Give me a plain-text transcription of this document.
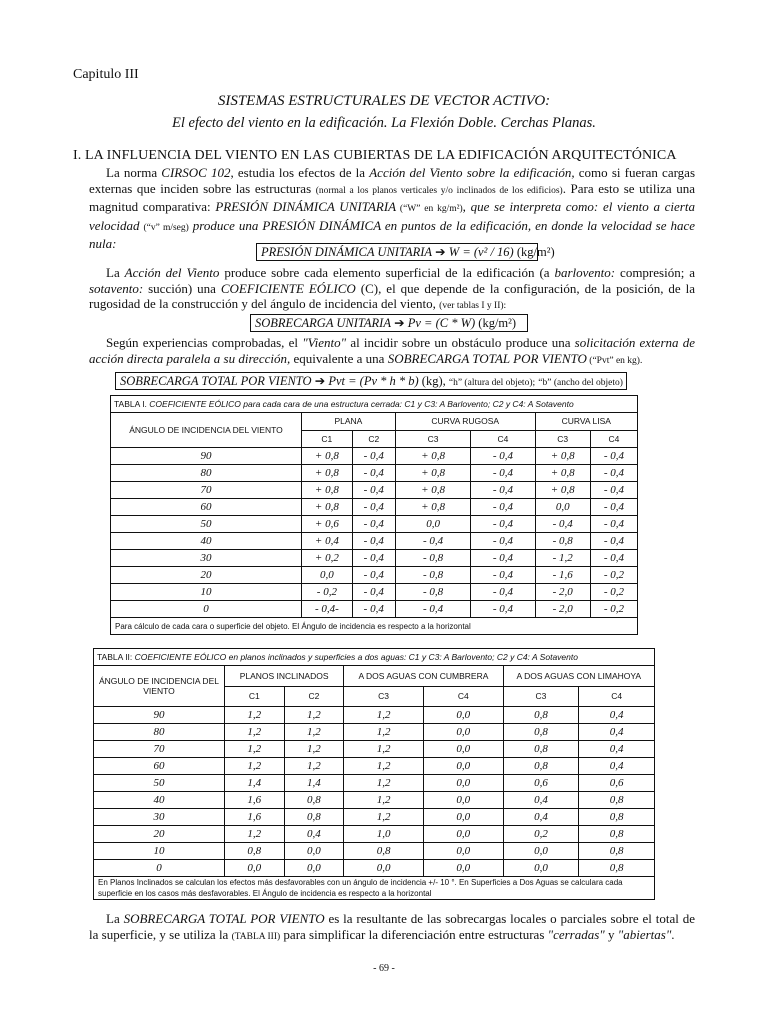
Capitulo III
SISTEMAS ESTRUCTURALES DE VECTOR ACTIVO:
El efecto del viento en la edificación. La Flexión Doble. Cerchas Planas.
I. LA INFLUENCIA DEL VIENTO EN LAS CUBIERTAS DE LA EDIFICACIÓN ARQUITECTÓNICA
La norma CIRSOC 102, estudia los efectos de la Acción del Viento sobre la edificación, como si fueran cargas externas que inciden sobre las estructuras (normal a los planos verticales y/o inclinados de los edificios). Para esto se utiliza una magnitud comparativa: PRESIÓN DINÁMICA UNITARIA (“W” en kg/m²), que se interpreta como: el viento a cierta velocidad (“v” m/seg) produce una PRESIÓN DINÁMICA en puntos de la edificación, en donde la velocidad se hace nula:
PRESIÓN DINÁMICA UNITARIA ➔ W = (v² / 16) (kg/m²)
La Acción del Viento produce sobre cada elemento superficial de la edificación (a barlovento: compresión; a sotavento: succión) una COEFICIENTE EÓLICO (C), el que depende de la configuración, de la posición, de la rugosidad de la construcción y del ángulo de incidencia del viento, (ver tablas I y II):
SOBRECARGA UNITARIA ➔ Pv = (C * W) (kg/m²)
Según experiencias comprobadas, el "Viento" al incidir sobre un obstáculo produce una solicitación externa de acción directa paralela a su dirección, equivalente a una SOBRECARGA TOTAL POR VIENTO (“Pvt” en kg).
SOBRECARGA TOTAL POR VIENTO ➔ Pvt = (Pv * h * b) (kg), “h” (altura del objeto); “b” (ancho del objeto)
TABLA I. COEFICIENTE EÓLICO para cada cara de una estructura cerrada: C1 y C3: A Barlovento; C2 y C4: A Sotavento						
ÁNGULO DE INCIDENCIA DEL VIENTO	PLANA		CURVA RUGOSA		CURVA LISA	
	C1	C2	C3	C4	C3	C4
90	+ 0,8	- 0,4	+ 0,8	- 0,4	+ 0,8	- 0,4
80	+ 0,8	- 0,4	+ 0,8	- 0,4	+ 0,8	- 0,4
70	+ 0,8	- 0,4	+ 0,8	- 0,4	+ 0,8	- 0,4
60	+ 0,8	- 0,4	+ 0,8	- 0,4	0,0	- 0,4
50	+ 0,6	- 0,4	0,0	- 0,4	- 0,4	- 0,4
40	+ 0,4	- 0,4	- 0,4	- 0,4	- 0,8	- 0,4
30	+ 0,2	- 0,4	- 0,8	- 0,4	- 1,2	- 0,4
20	0,0	- 0,4	- 0,8	- 0,4	- 1,6	- 0,2
10	- 0,2	- 0,4	- 0,8	- 0,4	- 2,0	- 0,2
0	- 0,4-	- 0,4	- 0,4	- 0,4	- 2,0	- 0,2
Para cálculo de cada cara o superficie del objeto. El Ángulo de incidencia es respecto a la horizontal						
TABLA II: COEFICIENTE EÓLICO en planos inclinados y superficies a dos aguas: C1 y C3: A Barlovento; C2 y C4: A Sotavento						
ÁNGULO DE INCIDENCIA DEL VIENTO	PLANOS INCLINADOS		A DOS AGUAS CON CUMBRERA		A DOS AGUAS CON LIMAHOYA	
	C1	C2	C3	C4	C3	C4
90	1,2	1,2	1,2	0,0	0,8	0,4
80	1,2	1,2	1,2	0,0	0,8	0,4
70	1,2	1,2	1,2	0,0	0,8	0,4
60	1,2	1,2	1,2	0,0	0,8	0,4
50	1,4	1,4	1,2	0,0	0,6	0,6
40	1,6	0,8	1,2	0,0	0,4	0,8
30	1,6	0,8	1,2	0,0	0,4	0,8
20	1,2	0,4	1,0	0,0	0,2	0,8
10	0,8	0,0	0,8	0,0	0,0	0,8
0	0,0	0,0	0,0	0,0	0,0	0,8
En Planos Inclinados se calculan los efectos más desfavorables con un ángulo de incidencia +/- 10 °. En Superficies a Dos Aguas se calculara cada superficie en los casos más desfavorables. El Ángulo de incidencia es respecto a la horizontal						
La SOBRECARGA TOTAL POR VIENTO es la resultante de las sobrecargas locales o parciales sobre el total de la superficie, y se utiliza la (TABLA III) para simplificar la diferenciación entre estructuras "cerradas" y "abiertas".
- 69 -
